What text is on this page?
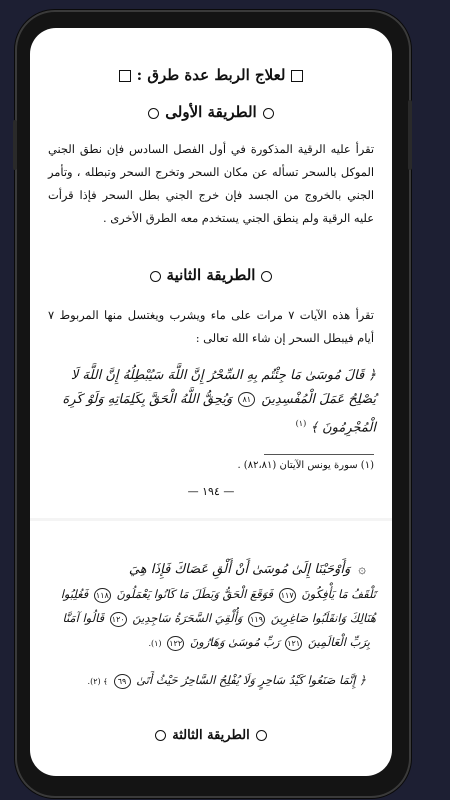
لعلاج الربط عدة طرق :
الطريقة الأولى
تقرأ عليه الرقية المذكورة في أول الفصل السادس فإن نطق الجني الموكل بالسحر تسأله عن مكان السحر وتخرج السحر وتبطله ، وتأمر الجني بالخروج من الجسد فإن خرج الجني بطل السحر فإذا قرأت عليه الرقية ولم ينطق الجني يستخدم معه الطرق الأخرى .
الطريقة الثانية
تقرأ هذه الآيات ٧ مرات على ماء ويشرب ويغتسل منها المربوط ٧ أيام فيبطل السحر إن شاء الله تعالى :
﴿ قَالَ مُوسَىٰ مَا جِئْتُم بِهِ السِّحْرُ إِنَّ اللَّهَ سَيُبْطِلُهُ إِنَّ اللَّهَ لَا يُصْلِحُ عَمَلَ الْمُفْسِدِينَ ٨١ وَيُحِقُّ اللَّهُ الْحَقَّ بِكَلِمَاتِهِ وَلَوْ كَرِهَ الْمُجْرِمُونَ ﴾ $^{(١)}$
(١) سورة يونس الآيتان (٨٢،٨١) .
— ١٩٤ —
۞ وَأَوْحَيْنَا إِلَىٰ مُوسَىٰ أَنْ أَلْقِ عَصَاكَ فَإِذَا هِيَ
تَلْقَفُ مَا يَأْفِكُونَ ١١٧ فَوَقَعَ الْحَقُّ وَبَطَلَ مَا كَانُوا يَعْمَلُونَ ١١٨ فَغُلِبُوا
هُنَالِكَ وَانقَلَبُوا صَاغِرِينَ ١١٩ وَأُلْقِيَ السَّحَرَةُ سَاجِدِينَ ١٢٠ قَالُوا آمَنَّا
بِرَبِّ الْعَالَمِينَ ١٢١ رَبِّ مُوسَىٰ وَهَارُونَ ١٢٢ (١).
﴿ إِنَّمَا صَنَعُوا كَيْدُ سَاحِرٍ وَلَا يُفْلِحُ السَّاحِرُ حَيْثُ أَتَىٰ ٦٩ ﴾ (٢).
الطريقة الثالثة
